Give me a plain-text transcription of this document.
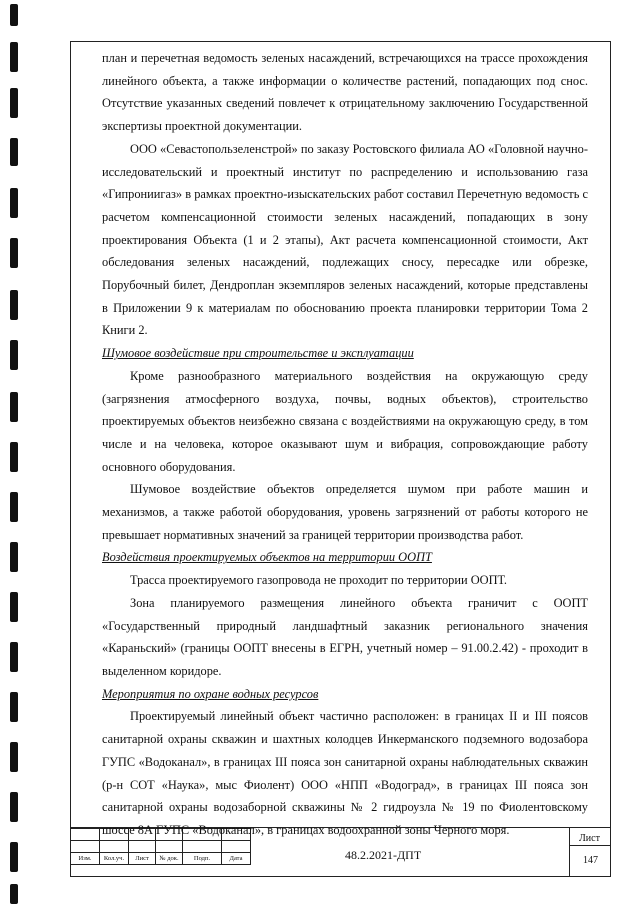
Изм.	Кол.уч.	Лист	№ док.	Подп.	Дата	48.2.2021-ДПТ
Лист
147

план и перечетная ведомость зеленых насаждений, встречающихся на трассе прохождения линейного объекта, а также информации о количестве растений, попадающих под снос. Отсутствие указанных сведений повлечет к отрицательному заключению Государственной экспертизы проектной документации.

ООО «Севастопользеленстрой» по заказу Ростовского филиала АО «Головной научно-исследовательский и проектный институт по распределению и использованию газа «Гипрониигаз» в рамках проектно-изыскательских работ составил Перечетную ведомость с расчетом компенсационной стоимости зеленых насаждений, попадающих в зону проектирования Объекта (1 и 2 этапы), Акт расчета компенсационной стоимости, Акт обследования зеленых насаждений, подлежащих сносу, пересадке или обрезке, Порубочный билет, Дендроплан экземпляров зеленых насаждений, которые представлены в Приложении 9 к материалам по обоснованию проекта планировки территории Тома 2 Книги 2.

Шумовое воздействие при строительстве и эксплуатации

Кроме разнообразного материального воздействия на окружающую среду (загрязнения атмосферного воздуха, почвы, водных объектов), строительство проектируемых объектов неизбежно связана с воздействиями на окружающую среду, в том числе и на человека, которое оказывают шум и вибрация, сопровождающие работу основного оборудования.

Шумовое воздействие объектов определяется шумом при работе машин и механизмов, а также работой оборудования, уровень загрязнений от работы которого не превышает нормативных значений за границей территории производства работ.

Воздействия проектируемых объектов на территории ООПТ

Трасса проектируемого газопровода не проходит по территории ООПТ.

Зона планируемого размещения линейного объекта граничит с ООПТ «Государственный природный ландшафтный заказник регионального значения «Караньский» (границы ООПТ внесены в ЕГРН, учетный номер – 91.00.2.42) - проходит в выделенном коридоре.

Мероприятия по охране водных ресурсов

Проектируемый линейный объект частично расположен: в границах II и III поясов санитарной охраны скважин и шахтных колодцев Инкерманского подземного водозабора ГУПС «Водоканал», в границах III пояса зон санитарной охраны наблюдательных скважин (р-н СОТ «Наука», мыс Фиолент) ООО «НПП «Водоград», в границах III пояса зон санитарной охраны водозаборной скважины № 2 гидроузла № 19 по Фиолентовскому шоссе 8А ГУПС «Водоканал», в границах водоохранной зоны Черного моря.
